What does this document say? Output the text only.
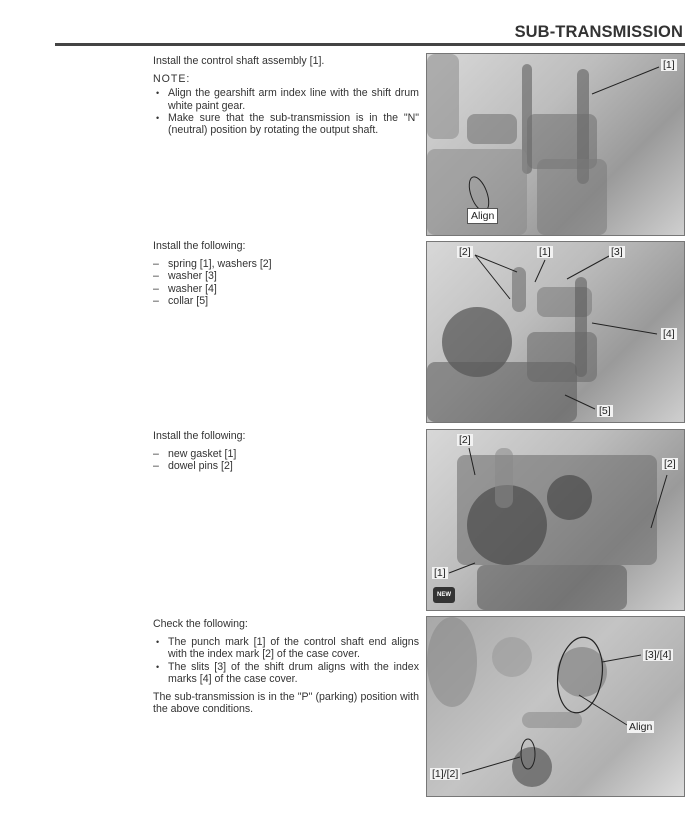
SUB-TRANSMISSION

Install the control shaft assembly [1].

NOTE:

• Align the gearshift arm index line with the shift drum white paint gear.
• Make sure that the sub-transmission is in the "N" (neutral) position by rotating the output shaft.
[1]
Align

Install the following:

– spring [1], washers [2]
– washer [3]
– washer [4]
– collar [5]
[2]	[1]	[3]
[4]
[5]

Install the following:

– new gasket [1]
– dowel pins [2]
[2]
[2]
[1]
NEW

Check the following:

• The punch mark [1] of the control shaft end aligns with the index mark [2] of the case cover.
• The slits [3] of the shift drum aligns with the index marks [4] of the case cover.

The sub-transmission is in the "P" (parking) position with the above conditions.

[3]/[4]
Align
[1]/[2]
